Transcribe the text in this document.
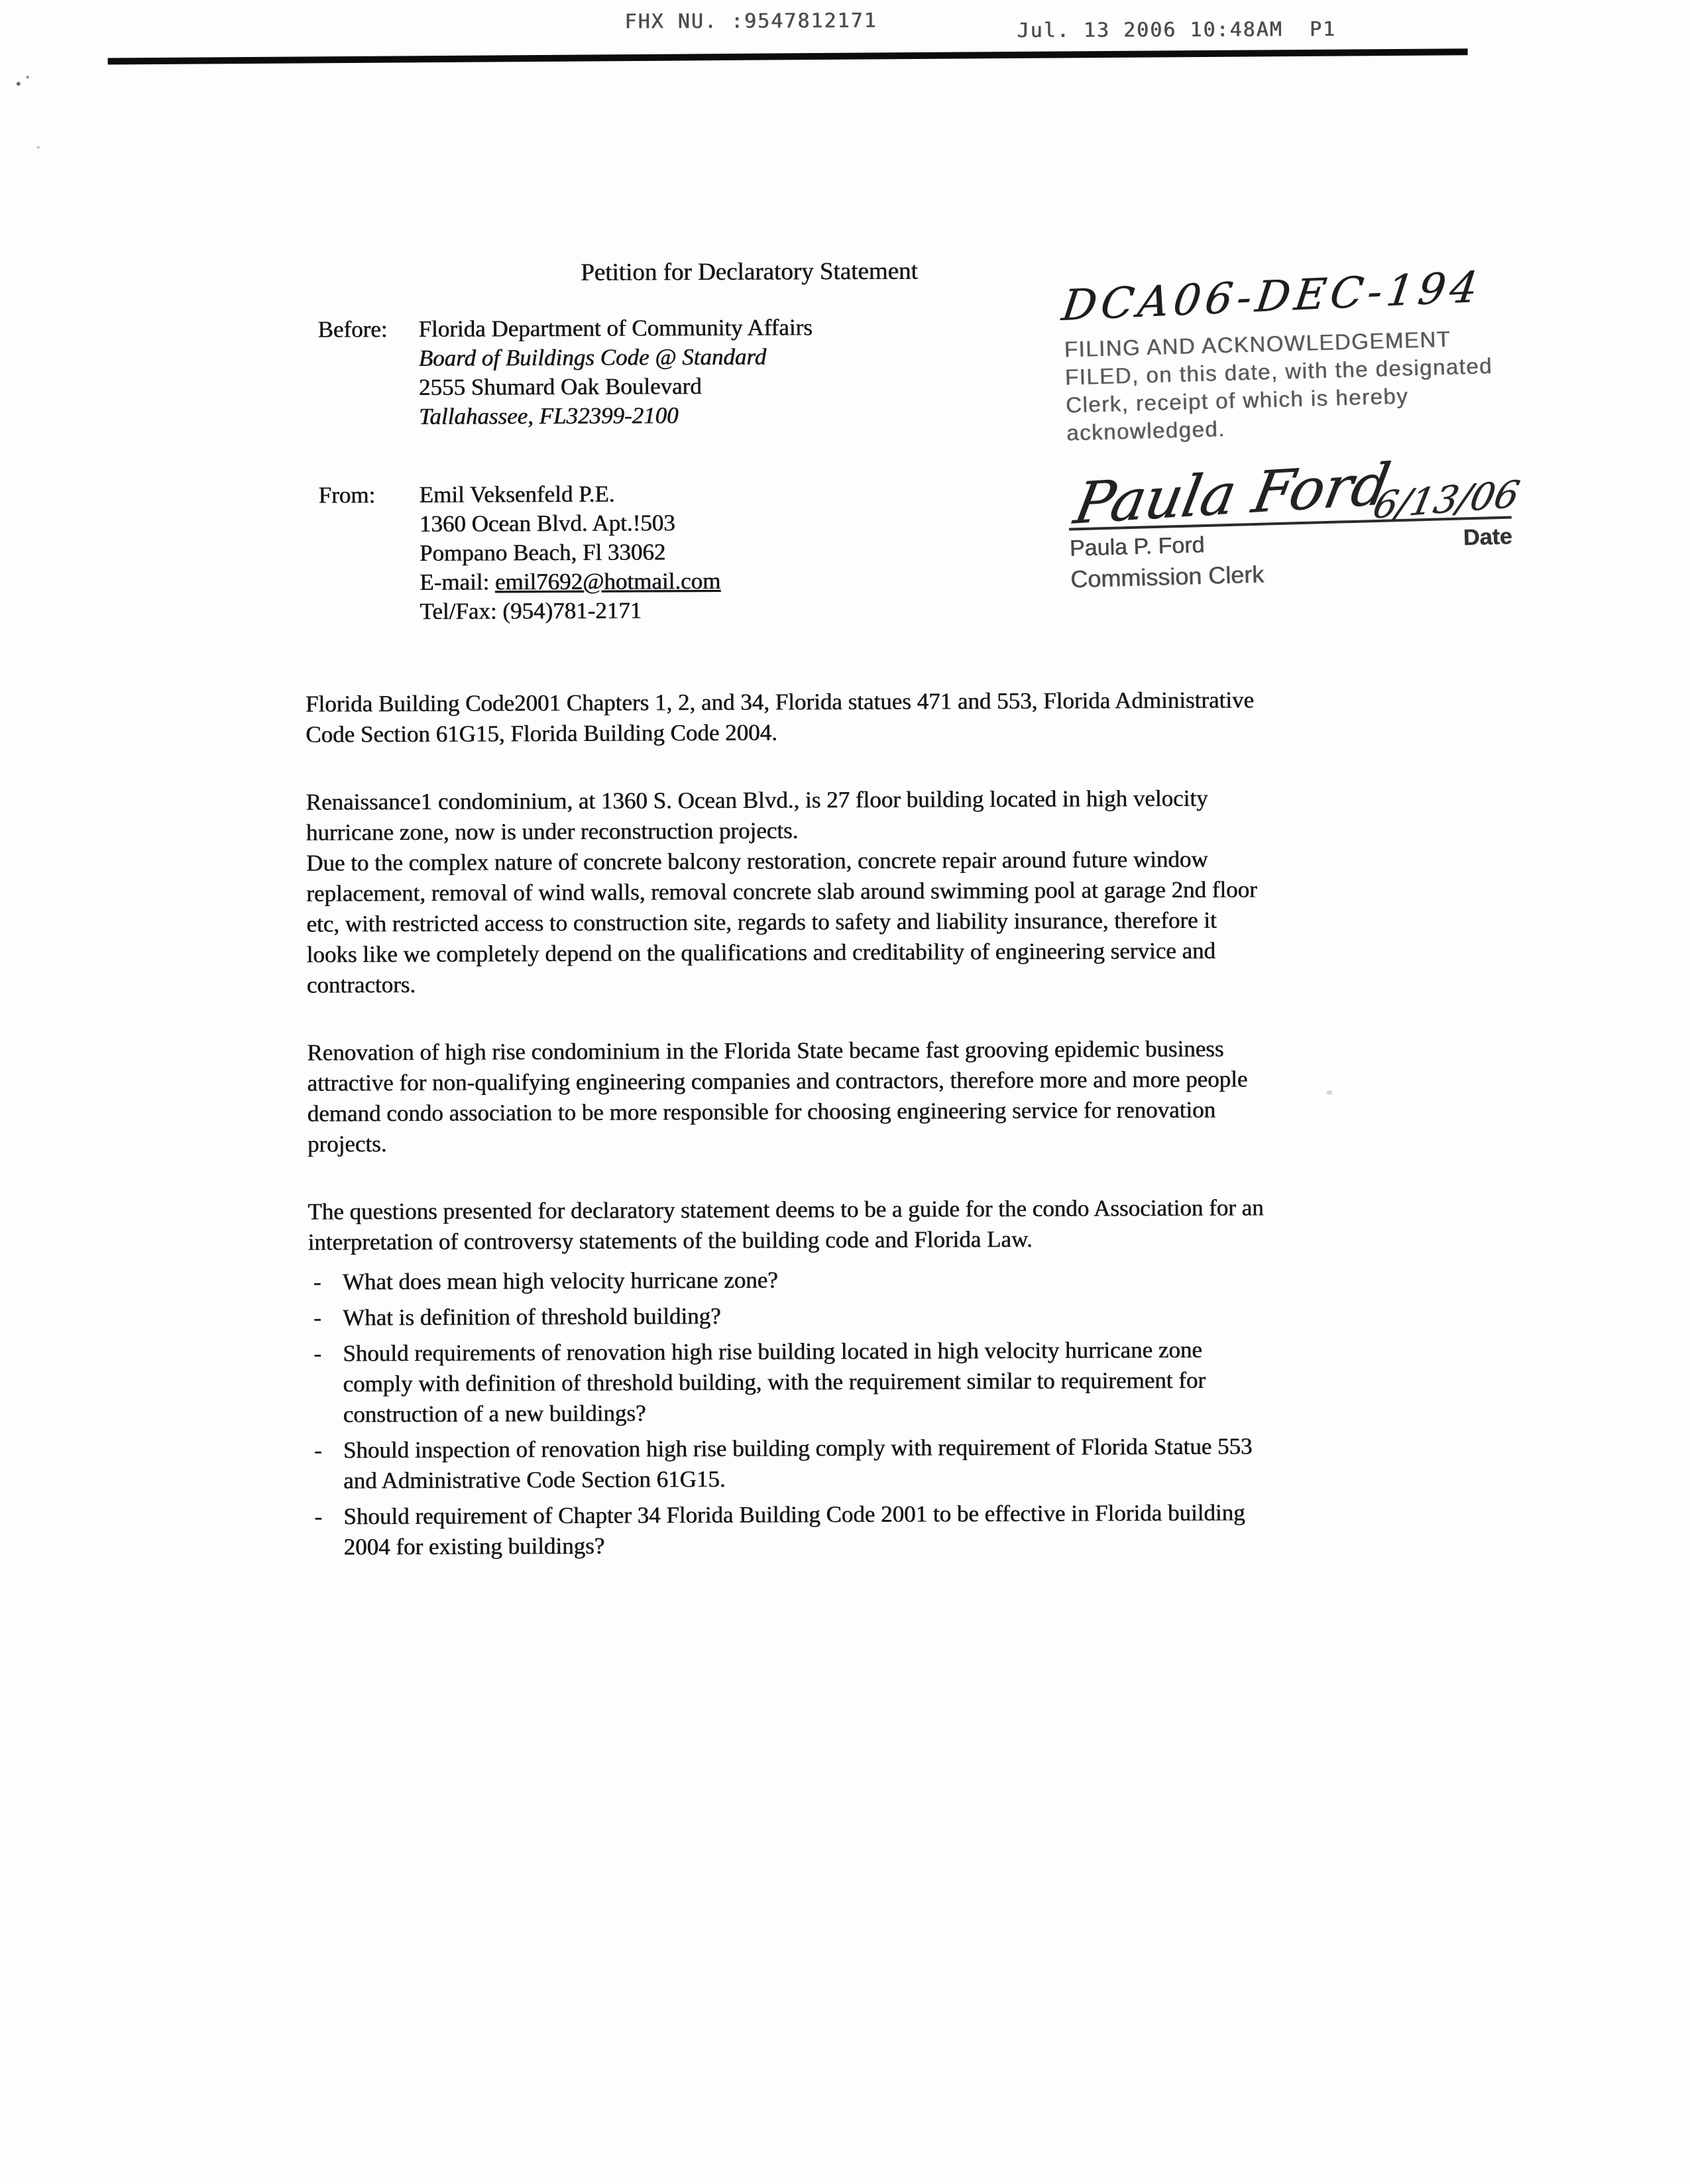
FHX NU. :9547812171	Jul. 13 2006 10:48AM  P1
Petition for Declaratory Statement
Before:	Florida Department of Community Affairs
Board of Buildings Code @ Standard
2555 Shumard Oak Boulevard
Tallahassee, FL32399-2100
From:	Emil Veksenfeld P.E.
1360 Ocean Blvd. Apt.!503
Pompano Beach, Fl 33062
E-mail: emil7692@hotmail.com
Tel/Fax: (954)781-2171
DCA06-DEC-194
FILING AND ACKNOWLEDGEMENT
FILED, on this date, with the designated
Clerk, receipt of which is hereby
acknowledged.
Paula Ford
6/13/06
Paula P. Ford	Date
Commission Clerk

Florida Building Code2001 Chapters 1, 2, and 34, Florida statues 471 and 553, Florida Administrative Code Section 61G15, Florida Building Code 2004.

Renaissance1 condominium, at 1360 S. Ocean Blvd., is 27 floor building located in high velocity hurricane zone, now is under reconstruction projects.

Due to the complex nature of concrete balcony restoration, concrete repair around future window replacement, removal of wind walls, removal concrete slab around swimming pool at garage 2nd floor etc, with restricted access to construction site, regards to safety and liability insurance, therefore it looks like we completely depend on the qualifications and creditability of engineering service and contractors.

Renovation of high rise condominium in the Florida State became fast grooving epidemic business attractive for non-qualifying engineering companies and contractors, therefore more and more people demand condo association to be more responsible for choosing engineering service for renovation projects.

The questions presented for declaratory statement deems to be a guide for the condo Association for an interpretation of controversy statements of the building code and Florida Law.

- What does mean high velocity hurricane zone?
- What is definition of threshold building?
- Should requirements of renovation high rise building located in high velocity hurricane zone comply with definition of threshold building, with the requirement similar to requirement for construction of a new buildings?
- Should inspection of renovation high rise building comply with requirement of Florida Statue 553 and Administrative Code Section 61G15.
- Should requirement of Chapter 34 Florida Building Code 2001 to be effective in Florida building 2004 for existing buildings?
